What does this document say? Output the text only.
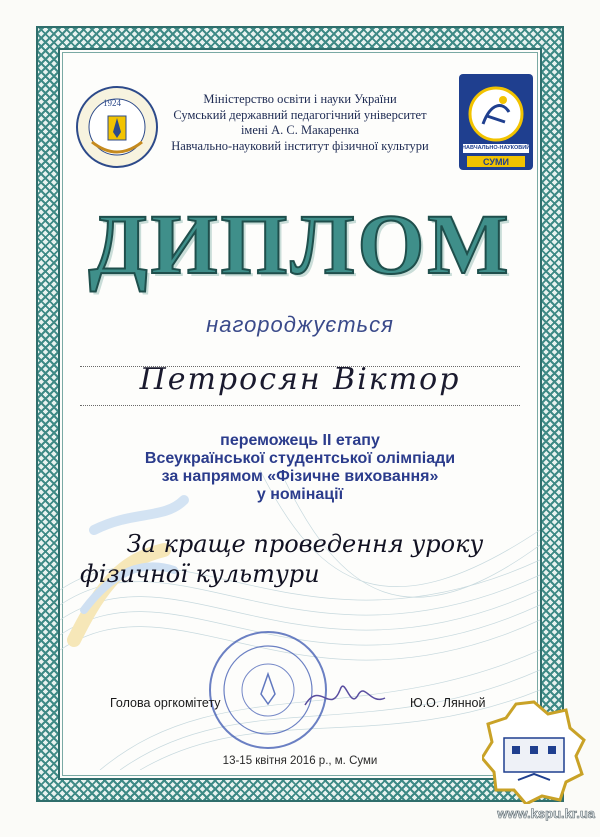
1924	Міністерство освіти і науки України
Сумський державний педагогічний університет
імені А. С. Макаренка
Навчально-науковий інститут фізичної культури	НАВЧАЛЬНО-НАУКОВИЙ
СУМИ
ДИПЛОМ
нагороджується
Петросян Віктор
переможець ІІ етапу
Всеукраїнської студентської олімпіади
за напрямом «Фізичне виховання»
у номінації
За краще проведення уроку
фізичної культури
Голова оргкомітету	Ю.О. Лянной
13-15 квітня 2016 р., м. Суми
www.kspu.kr.ua
